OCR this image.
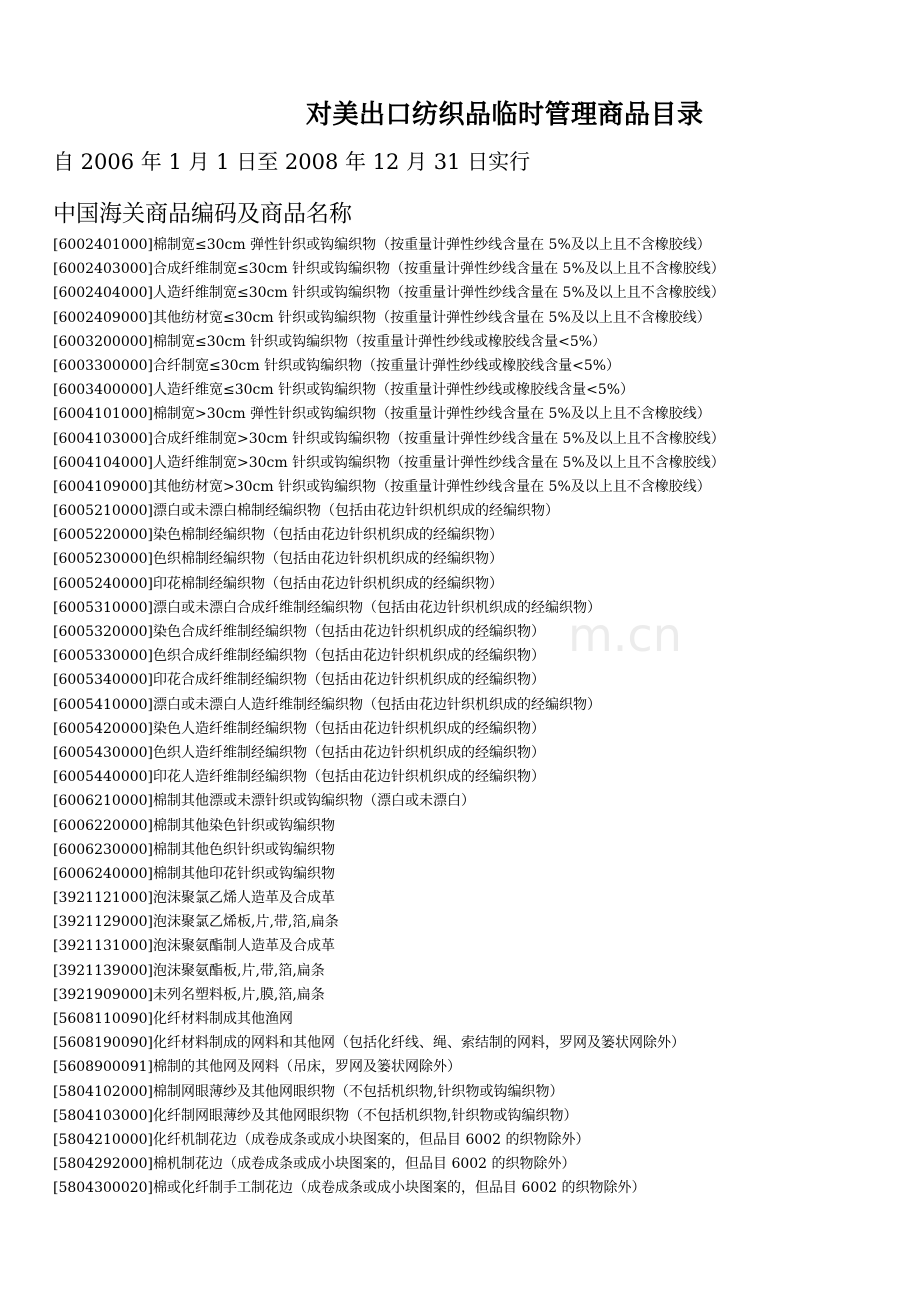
对美出口纺织品临时管理商品目录
自 2006 年 1 月 1 日至 2008 年 12 月 31 日实行
中国海关商品编码及商品名称
[6002401000]棉制宽≤30cm 弹性针织或钩编织物（按重量计弹性纱线含量在 5%及以上且不含橡胶线）
[6002403000]合成纤维制宽≤30cm 针织或钩编织物（按重量计弹性纱线含量在 5%及以上且不含橡胶线）
[6002404000]人造纤维制宽≤30cm 针织或钩编织物（按重量计弹性纱线含量在 5%及以上且不含橡胶线）
[6002409000]其他纺材宽≤30cm 针织或钩编织物（按重量计弹性纱线含量在 5%及以上且不含橡胶线）
[6003200000]棉制宽≤30cm 针织或钩编织物（按重量计弹性纱线或橡胶线含量<5%）
[6003300000]合纤制宽≤30cm 针织或钩编织物（按重量计弹性纱线或橡胶线含量<5%）
[6003400000]人造纤维宽≤30cm 针织或钩编织物（按重量计弹性纱线或橡胶线含量<5%）
[6004101000]棉制宽>30cm 弹性针织或钩编织物（按重量计弹性纱线含量在 5%及以上且不含橡胶线）
[6004103000]合成纤维制宽>30cm 针织或钩编织物（按重量计弹性纱线含量在 5%及以上且不含橡胶线）
[6004104000]人造纤维制宽>30cm 针织或钩编织物（按重量计弹性纱线含量在 5%及以上且不含橡胶线）
[6004109000]其他纺材宽>30cm 针织或钩编织物（按重量计弹性纱线含量在 5%及以上且不含橡胶线）
[6005210000]漂白或未漂白棉制经编织物（包括由花边针织机织成的经编织物）
[6005220000]染色棉制经编织物（包括由花边针织机织成的经编织物）
[6005230000]色织棉制经编织物（包括由花边针织机织成的经编织物）
[6005240000]印花棉制经编织物（包括由花边针织机织成的经编织物）
[6005310000]漂白或未漂白合成纤维制经编织物（包括由花边针织机织成的经编织物）
[6005320000]染色合成纤维制经编织物（包括由花边针织机织成的经编织物）
[6005330000]色织合成纤维制经编织物（包括由花边针织机织成的经编织物）
[6005340000]印花合成纤维制经编织物（包括由花边针织机织成的经编织物）
[6005410000]漂白或未漂白人造纤维制经编织物（包括由花边针织机织成的经编织物）
[6005420000]染色人造纤维制经编织物（包括由花边针织机织成的经编织物）
[6005430000]色织人造纤维制经编织物（包括由花边针织机织成的经编织物）
[6005440000]印花人造纤维制经编织物（包括由花边针织机织成的经编织物）
[6006210000]棉制其他漂或未漂针织或钩编织物（漂白或未漂白）
[6006220000]棉制其他染色针织或钩编织物
[6006230000]棉制其他色织针织或钩编织物
[6006240000]棉制其他印花针织或钩编织物
[3921121000]泡沫聚氯乙烯人造革及合成革
[3921129000]泡沫聚氯乙烯板,片,带,箔,扁条
[3921131000]泡沫聚氨酯制人造革及合成革
[3921139000]泡沫聚氨酯板,片,带,箔,扁条
[3921909000]未列名塑料板,片,膜,箔,扁条
[5608110090]化纤材料制成其他渔网
[5608190090]化纤材料制成的网料和其他网（包括化纤线、绳、索结制的网料，罗网及篓状网除外）
[5608900091]棉制的其他网及网料（吊床，罗网及篓状网除外）
[5804102000]棉制网眼薄纱及其他网眼织物（不包括机织物,针织物或钩编织物）
[5804103000]化纤制网眼薄纱及其他网眼织物（不包括机织物,针织物或钩编织物）
[5804210000]化纤机制花边（成卷成条或成小块图案的，但品目 6002 的织物除外）
[5804292000]棉机制花边（成卷成条或成小块图案的，但品目 6002 的织物除外）
[5804300020]棉或化纤制手工制花边（成卷成条或成小块图案的，但品目 6002 的织物除外）
m.cn
